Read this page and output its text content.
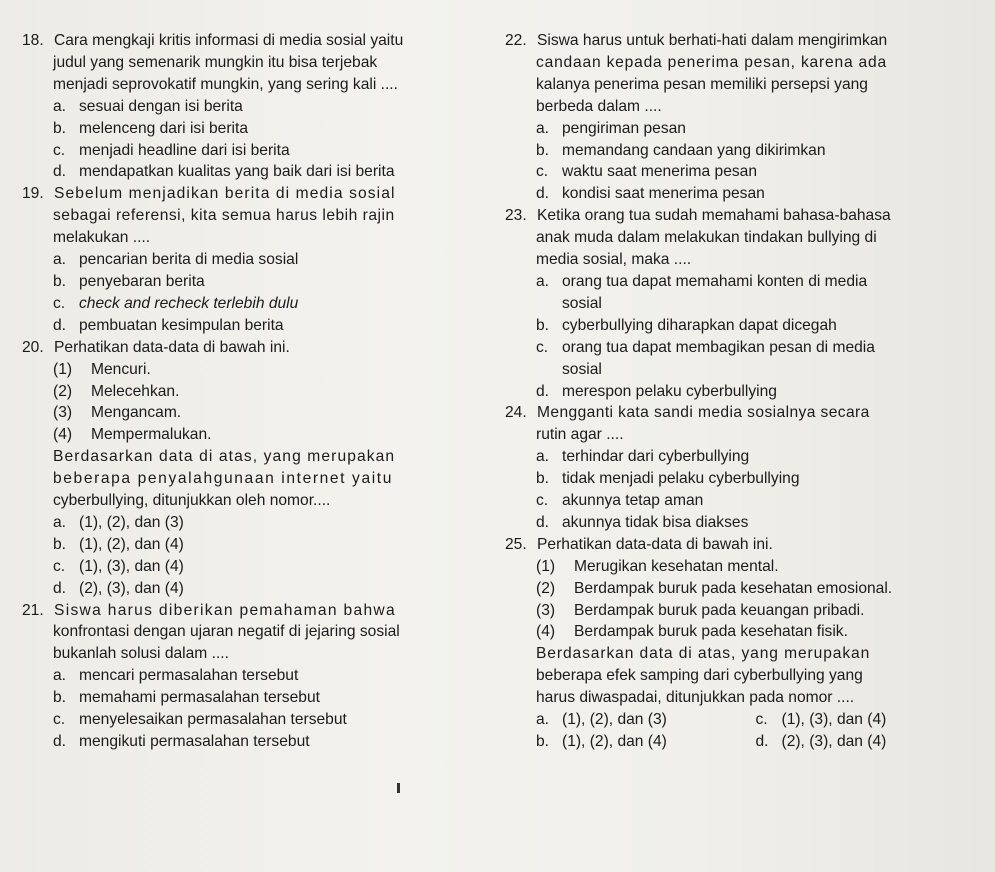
18. Cara mengkaji kritis informasi di media sosial yaitu
judul yang semenarik mungkin itu bisa terjebak
menjadi seprovokatif mungkin, yang sering kali ....
a. sesuai dengan isi berita
b. melenceng dari isi berita
c. menjadi headline dari isi berita
d. mendapatkan kualitas yang baik dari isi berita
19. Sebelum menjadikan berita di media sosial
sebagai referensi, kita semua harus lebih rajin
melakukan ....
a. pencarian berita di media sosial
b. penyebaran berita
c. check and recheck terlebih dulu
d. pembuatan kesimpulan berita
20. Perhatikan data-data di bawah ini.
(1) Mencuri.
(2) Melecehkan.
(3) Mengancam.
(4) Mempermalukan.
Berdasarkan data di atas, yang merupakan
beberapa penyalahgunaan internet yaitu
cyberbullying, ditunjukkan oleh nomor....
a. (1), (2), dan (3)
b. (1), (2), dan (4)
c. (1), (3), dan (4)
d. (2), (3), dan (4)
21. Siswa harus diberikan pemahaman bahwa
konfrontasi dengan ujaran negatif di jejaring sosial
bukanlah solusi dalam ....
a. mencari permasalahan tersebut
b. memahami permasalahan tersebut
c. menyelesaikan permasalahan tersebut
d. mengikuti permasalahan tersebut
22. Siswa harus untuk berhati-hati dalam mengirimkan
candaan kepada penerima pesan, karena ada
kalanya penerima pesan memiliki persepsi yang
berbeda dalam ....
a. pengiriman pesan
b. memandang candaan yang dikirimkan
c. waktu saat menerima pesan
d. kondisi saat menerima pesan
23. Ketika orang tua sudah memahami bahasa-bahasa
anak muda dalam melakukan tindakan bullying di
media sosial, maka ....
a. orang tua dapat memahami konten di media
sosial
b. cyberbullying diharapkan dapat dicegah
c. orang tua dapat membagikan pesan di media
sosial
d. merespon pelaku cyberbullying
24. Mengganti kata sandi media sosialnya secara
rutin agar ....
a. terhindar dari cyberbullying
b. tidak menjadi pelaku cyberbullying
c. akunnya tetap aman
d. akunnya tidak bisa diakses
25. Perhatikan data-data di bawah ini.
(1) Merugikan kesehatan mental.
(2) Berdampak buruk pada kesehatan emosional.
(3) Berdampak buruk pada keuangan pribadi.
(4) Berdampak buruk pada kesehatan fisik.
Berdasarkan data di atas, yang merupakan
beberapa efek samping dari cyberbullying yang
harus diwaspadai, ditunjukkan pada nomor ....
a. (1), (2), dan (3)	c. (1), (3), dan (4)
b. (1), (2), dan (4)	d. (2), (3), dan (4)
